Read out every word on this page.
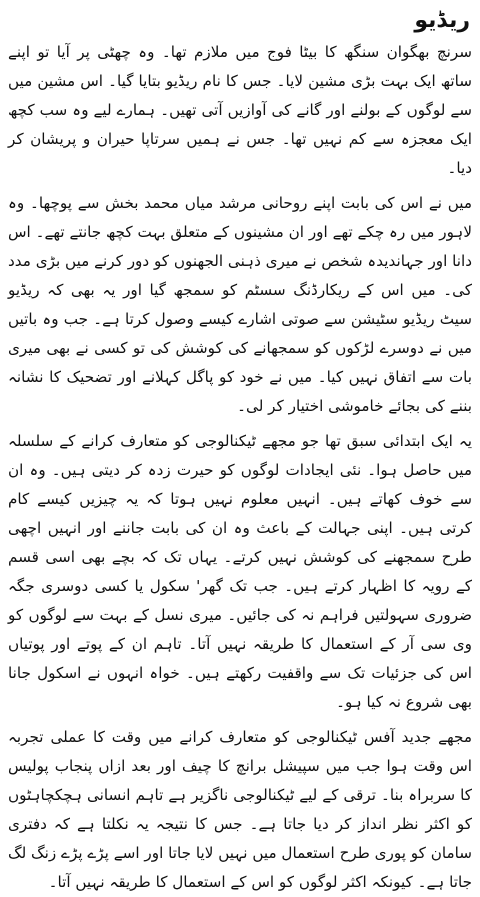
ریڈیو

سرنچ بھگوان سنگھ کا بیٹا فوج میں ملازم تھا۔ وہ چھٹی پر آیا تو اپنے ساتھ ایک بہت بڑی مشین لایا۔ جس کا نام ریڈیو بتایا گیا۔ اس مشین میں سے لوگوں کے بولنے اور گانے کی آوازیں آتی تھیں۔ ہمارے لیے وہ سب کچھ ایک معجزہ سے کم نہیں تھا۔ جس نے ہمیں سرتاپا حیران و پریشان کر دیا۔

میں نے اس کی بابت اپنے روحانی مرشد میاں محمد بخش سے پوچھا۔ وہ لاہور میں رہ چکے تھے اور ان مشینوں کے متعلق بہت کچھ جانتے تھے۔ اس دانا اور جہاندیدہ شخص نے میری ذہنی الجھنوں کو دور کرنے میں بڑی مدد کی۔ میں اس کے ریکارڈنگ سسٹم کو سمجھ گیا اور یہ بھی کہ ریڈیو سیٹ ریڈیو سٹیشن سے صوتی اشارے کیسے وصول کرتا ہے۔ جب وہ باتیں میں نے دوسرے لڑکوں کو سمجھانے کی کوشش کی تو کسی نے بھی میری بات سے اتفاق نہیں کیا۔ میں نے خود کو پاگل کہلانے اور تضحیک کا نشانہ بننے کی بجائے خاموشی اختیار کر لی۔

یہ ایک ابتدائی سبق تھا جو مجھے ٹیکنالوجی کو متعارف کرانے کے سلسلہ میں حاصل ہوا۔ نئی ایجادات لوگوں کو حیرت زدہ کر دیتی ہیں۔ وہ ان سے خوف کھاتے ہیں۔ انہیں معلوم نہیں ہوتا کہ یہ چیزیں کیسے کام کرتی ہیں۔ اپنی جہالت کے باعث وہ ان کی بابت جاننے اور انہیں اچھی طرح سمجھنے کی کوشش نہیں کرتے۔ یہاں تک کہ بچے بھی اسی قسم کے رویہ کا اظہار کرتے ہیں۔ جب تک گھر' سکول یا کسی دوسری جگہ ضروری سہولتیں فراہم نہ کی جائیں۔ میری نسل کے بہت سے لوگوں کو وی سی آر کے استعمال کا طریقہ نہیں آتا۔ تاہم ان کے پوتے اور پوتیاں اس کی جزئیات تک سے واقفیت رکھتے ہیں۔ خواہ انہوں نے اسکول جانا بھی شروع نہ کیا ہو۔

مجھے جدید آفس ٹیکنالوجی کو متعارف کرانے میں وقت کا عملی تجربہ اس وقت ہوا جب میں سپیشل برانچ کا چیف اور بعد ازاں پنجاب پولیس کا سربراہ بنا۔ ترقی کے لیے ٹیکنالوجی ناگزیر ہے تاہم انسانی ہچکچاہٹوں کو اکثر نظر انداز کر دیا جاتا ہے۔ جس کا نتیجہ یہ نکلتا ہے کہ دفتری سامان کو پوری طرح استعمال میں نہیں لایا جاتا اور اسے پڑے پڑے زنگ لگ جاتا ہے۔ کیونکہ اکثر لوگوں کو اس کے استعمال کا طریقہ نہیں آتا۔
